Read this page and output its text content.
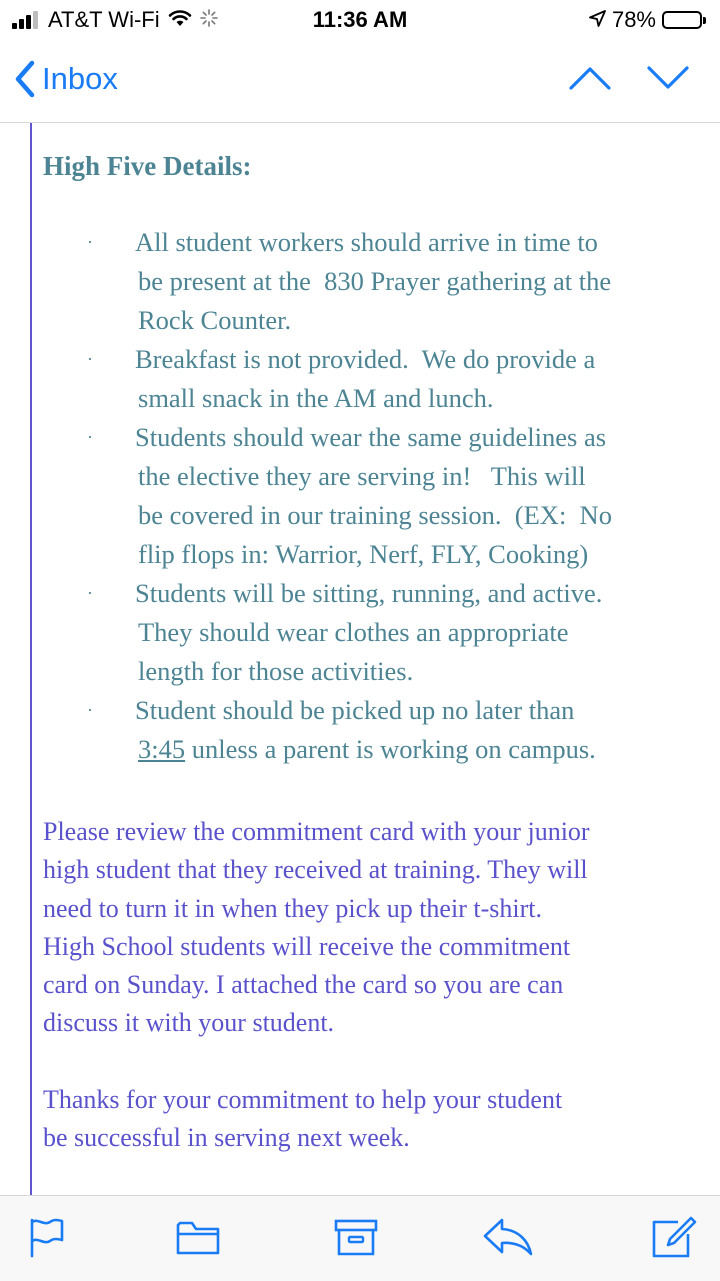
AT&T Wi-Fi	11:36 AM	78%
Inbox
High Five Details:
· All student workers should arrive in time to
be present at the  830 Prayer gathering at the
Rock Counter.
· Breakfast is not provided.  We do provide a
small snack in the AM and lunch.
· Students should wear the same guidelines as
the elective they are serving in!   This will
be covered in our training session.  (EX:  No
flip flops in: Warrior, Nerf, FLY, Cooking)
· Students will be sitting, running, and active.
They should wear clothes an appropriate
length for those activities.
· Student should be picked up no later than
3:45 unless a parent is working on campus.

Please review the commitment card with your junior
high student that they received at training. They will
need to turn it in when they pick up their t-shirt.
High School students will receive the commitment
card on Sunday. I attached the card so you are can
discuss it with your student.

Thanks for your commitment to help your student
be successful in serving next week.
